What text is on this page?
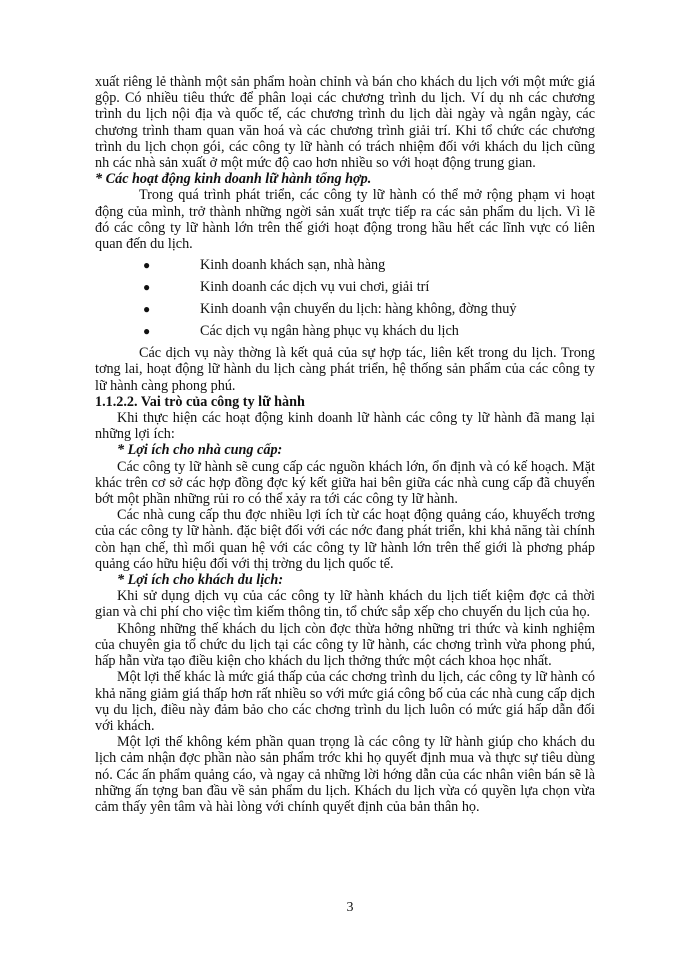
xuất riêng lẻ thành một sản phẩm hoàn chỉnh và bán cho khách du lịch với một mức giá gộp. Có nhiều tiêu thức để phân loại các chương trình du lịch. Ví dụ nh các chương trình du lịch nội địa và quốc tế, các chương trình du lịch dài ngày và ngắn ngày, các chương trình tham quan văn hoá và các chương trình giải trí. Khi tổ chức các chương trình du lịch chọn gói, các công ty lữ hành có trách nhiệm đối với khách du lịch cũng nh các nhà sản xuất ở một mức độ cao hơn nhiều so với hoạt động trung gian.

* Các hoạt động kinh doanh lữ hành tổng hợp.

Trong quá trình phát triển, các công ty lữ hành có thể mở rộng phạm vi hoạt động của mình, trở thành những ngời sản xuất trực tiếp ra các sản phẩm du lịch. Vì lẽ đó các công ty lữ hành lớn trên thế giới hoạt động trong hầu hết các lĩnh vực có liên quan đến du lịch.

●	Kinh doanh khách sạn, nhà hàng
●	Kinh doanh các dịch vụ vui chơi, giải trí
●	Kinh doanh vận chuyển du lịch: hàng không, đờng thuỷ
●	Các dịch vụ ngân hàng phục vụ khách du lịch

Các dịch vụ này thờng là kết quả của sự hợp tác, liên kết trong du lịch. Trong tơng lai, hoạt động lữ hành du lịch càng phát triển, hệ thống sản phẩm của các công ty lữ hành càng phong phú.

1.1.2.2. Vai trò của công ty lữ hành

Khi thực hiện các hoạt động kinh doanh lữ hành các công ty lữ hành đã mang lại những lợi ích:

* Lợi ích cho nhà cung cấp:

Các công ty lữ hành sẽ cung cấp các nguồn khách lớn, ổn định và có kế hoạch. Mặt khác trên cơ sở các hợp đồng đợc ký kết giữa hai bên giữa các nhà cung cấp đã chuyển bớt một phần những rủi ro có thể xảy ra tới các công ty lữ hành.

Các nhà cung cấp thu đợc nhiều lợi ích từ các hoạt động quảng cáo, khuyếch trơng của các công ty lữ hành. đặc biệt đối với các nớc đang phát triển, khi khả năng tài chính còn hạn chế, thì mối quan hệ với các công ty lữ hành lớn trên thế giới là phơng pháp quảng cáo hữu hiệu đối với thị trờng du lịch quốc tế.

* Lợi ích cho khách du lịch:

Khi sử dụng dịch vụ của các công ty lữ hành khách du lịch tiết kiệm đợc cả thời gian và chi phí cho việc tìm kiếm thông tin, tổ chức sắp xếp cho chuyến du lịch của họ.

Không những thế khách du lịch còn đợc thừa hởng những tri thức và kinh nghiệm của chuyên gia tổ chức du lịch tại các công ty lữ hành, các chơng trình vừa phong phú, hấp hẫn vừa tạo điều kiện cho khách du lịch thởng thức một cách khoa học nhất.

Một lợi thế khác là mức giá thấp của các chơng trình du lịch, các công ty lữ hành có khả năng giảm giá thấp hơn rất nhiều so với mức giá công bố của các nhà cung cấp dịch vụ du lịch, điều này đảm bảo cho các chơng trình du lịch luôn có mức giá hấp dẫn đối với khách.

Một lợi thế không kém phần quan trọng là các công ty lữ hành giúp cho khách du lịch cảm nhận đợc phần nào sản phẩm trớc khi họ quyết định mua và thực sự tiêu dùng nó. Các ấn phẩm quảng cáo, và ngay cả những lời hớng dẫn của các nhân viên bán sẽ là những ấn tợng ban đầu về sản phẩm du lịch. Khách du lịch vừa có quyền lựa chọn vừa cảm thấy yên tâm và hài lòng với chính quyết định của bản thân họ.

3
